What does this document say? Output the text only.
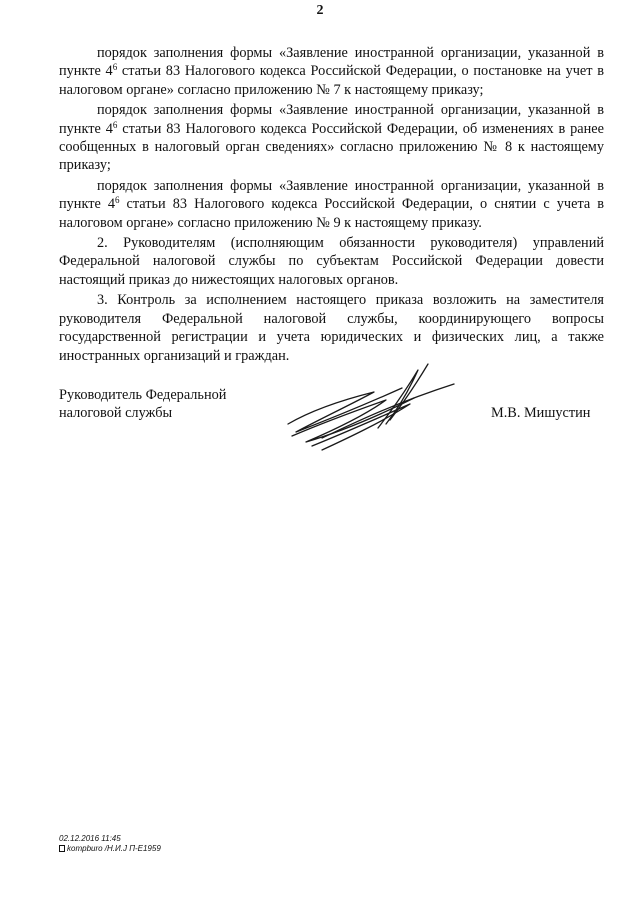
2

порядок заполнения формы «Заявление иностранной организации, указанной в пункте $4^6$ статьи 83 Налогового кодекса Российской Федерации, о постановке на учет в налоговом органе» согласно приложению № 7 к настоящему приказу;

порядок заполнения формы «Заявление иностранной организации, указанной в пункте $4^6$ статьи 83 Налогового кодекса Российской Федерации, об изменениях в ранее сообщенных в налоговый орган сведениях» согласно приложению № 8 к настоящему приказу;

порядок заполнения формы «Заявление иностранной организации, указанной в пункте $4^6$ статьи 83 Налогового кодекса Российской Федерации, о снятии с учета в налоговом органе» согласно приложению № 9 к настоящему приказу.

2. Руководителям (исполняющим обязанности руководителя) управлений Федеральной налоговой службы по субъектам Российской Федерации довести настоящий приказ до нижестоящих налоговых органов.

3. Контроль за исполнением настоящего приказа возложить на заместителя руководителя Федеральной налоговой службы, координирующего вопросы государственной регистрации и учета юридических и физических лиц, а также иностранных организаций и граждан.

Руководитель Федеральной
налоговой службы	М.В. Мишустин
02.12.2016 11:45
kompburo /Н.И.J П-Е1959
